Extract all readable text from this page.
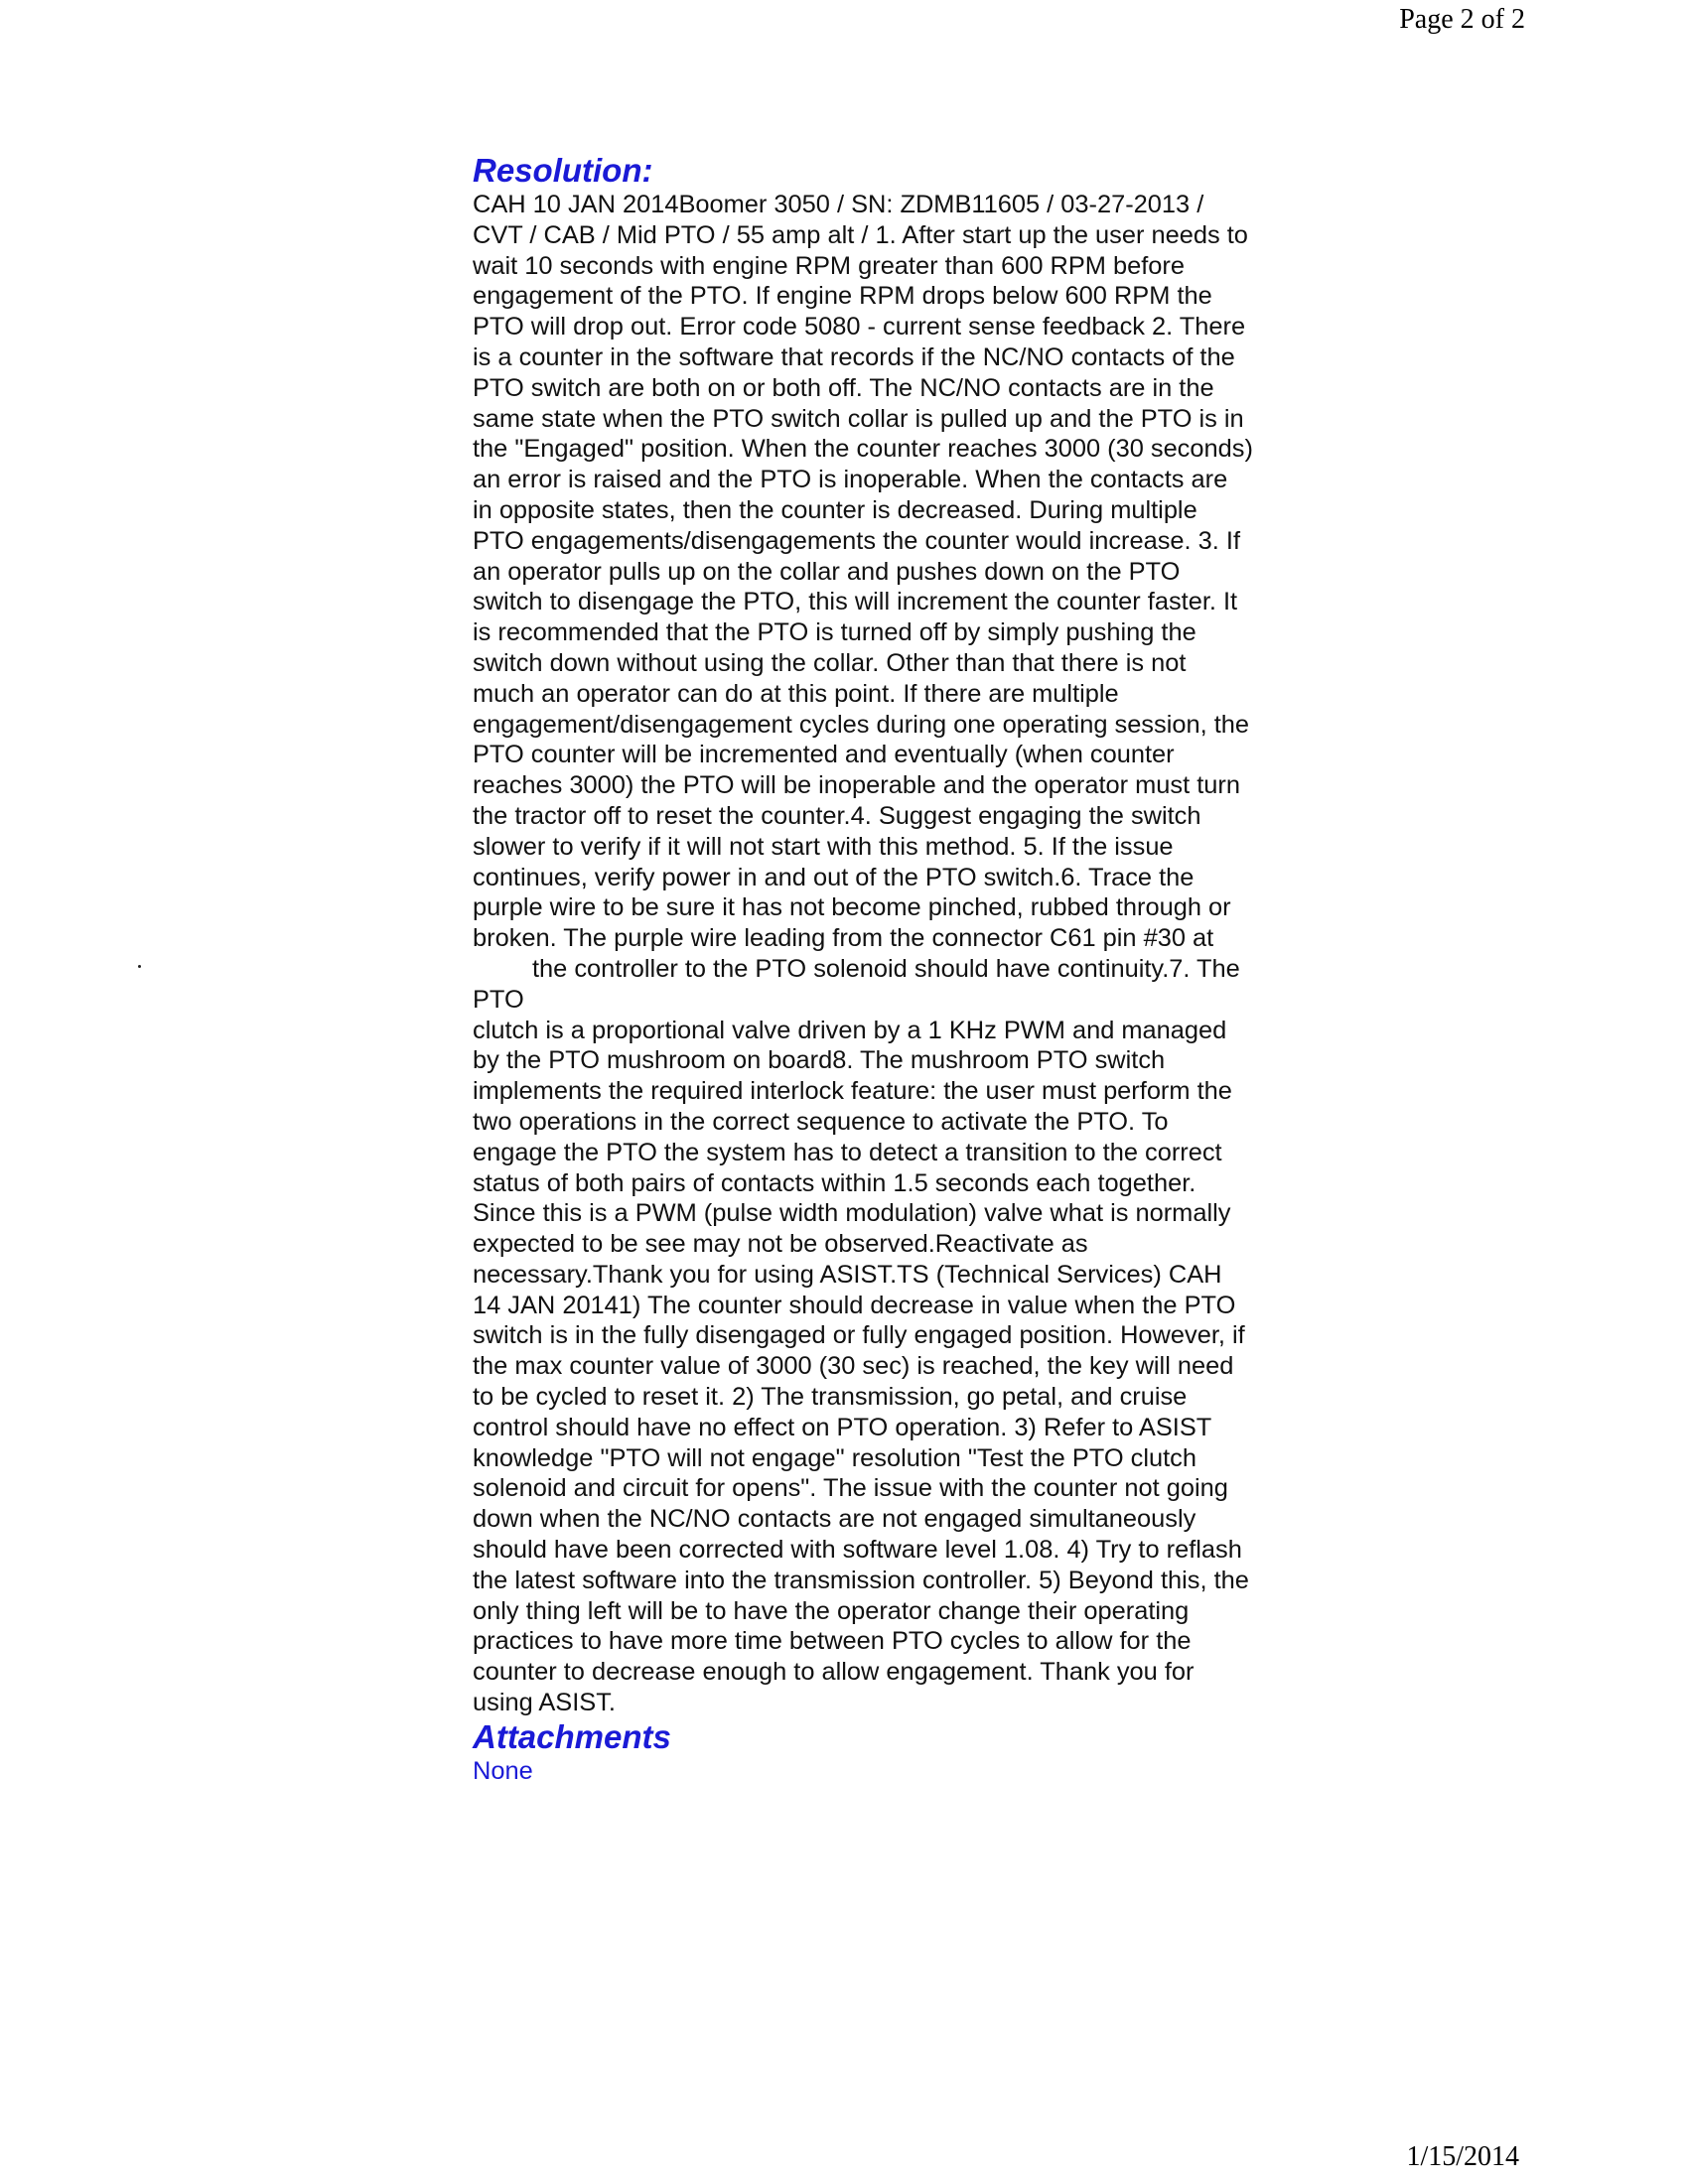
Page 2 of 2
Resolution:
CAH 10 JAN 2014Boomer 3050 / SN: ZDMB11605 / 03-27-2013 /
CVT / CAB / Mid PTO / 55 amp alt / 1. After start up the user needs to
wait 10 seconds with engine RPM greater than 600 RPM before
engagement of the PTO. If engine RPM drops below 600 RPM the
PTO will drop out. Error code 5080 - current sense feedback 2. There
is a counter in the software that records if the NC/NO contacts of the
PTO switch are both on or both off. The NC/NO contacts are in the
same state when the PTO switch collar is pulled up and the PTO is in
the "Engaged" position. When the counter reaches 3000 (30 seconds)
an error is raised and the PTO is inoperable. When the contacts are
in opposite states, then the counter is decreased. During multiple
PTO engagements/disengagements the counter would increase. 3. If
an operator pulls up on the collar and pushes down on the PTO
switch to disengage the PTO, this will increment the counter faster. It
is recommended that the PTO is turned off by simply pushing the
switch down without using the collar. Other than that there is not
much an operator can do at this point. If there are multiple
engagement/disengagement cycles during one operating session, the
PTO counter will be incremented and eventually (when counter
reaches 3000) the PTO will be inoperable and the operator must turn
the tractor off to reset the counter.4. Suggest engaging the switch
slower to verify if it will not start with this method. 5. If the issue
continues, verify power in and out of the PTO switch.6. Trace the
purple wire to be sure it has not become pinched, rubbed through or
broken. The purple wire leading from the connector C61 pin #30 at
the controller to the PTO solenoid should have continuity.7. The
PTO
clutch is a proportional valve driven by a 1 KHz PWM and managed
by the PTO mushroom on board8. The mushroom PTO switch
implements the required interlock feature: the user must perform the
two operations in the correct sequence to activate the PTO. To
engage the PTO the system has to detect a transition to the correct
status of both pairs of contacts within 1.5 seconds each together.
Since this is a PWM (pulse width modulation) valve what is normally
expected to be see may not be observed.Reactivate as
necessary.Thank you for using ASIST.TS (Technical Services) CAH
14 JAN 20141) The counter should decrease in value when the PTO
switch is in the fully disengaged or fully engaged position. However, if
the max counter value of 3000 (30 sec) is reached, the key will need
to be cycled to reset it. 2) The transmission, go petal, and cruise
control should have no effect on PTO operation. 3) Refer to ASIST
knowledge "PTO will not engage" resolution "Test the PTO clutch
solenoid and circuit for opens". The issue with the counter not going
down when the NC/NO contacts are not engaged simultaneously
should have been corrected with software level 1.08. 4) Try to reflash
the latest software into the transmission controller. 5) Beyond this, the
only thing left will be to have the operator change their operating
practices to have more time between PTO cycles to allow for the
counter to decrease enough to allow engagement. Thank you for
using ASIST.
Attachments

None

1/15/2014
